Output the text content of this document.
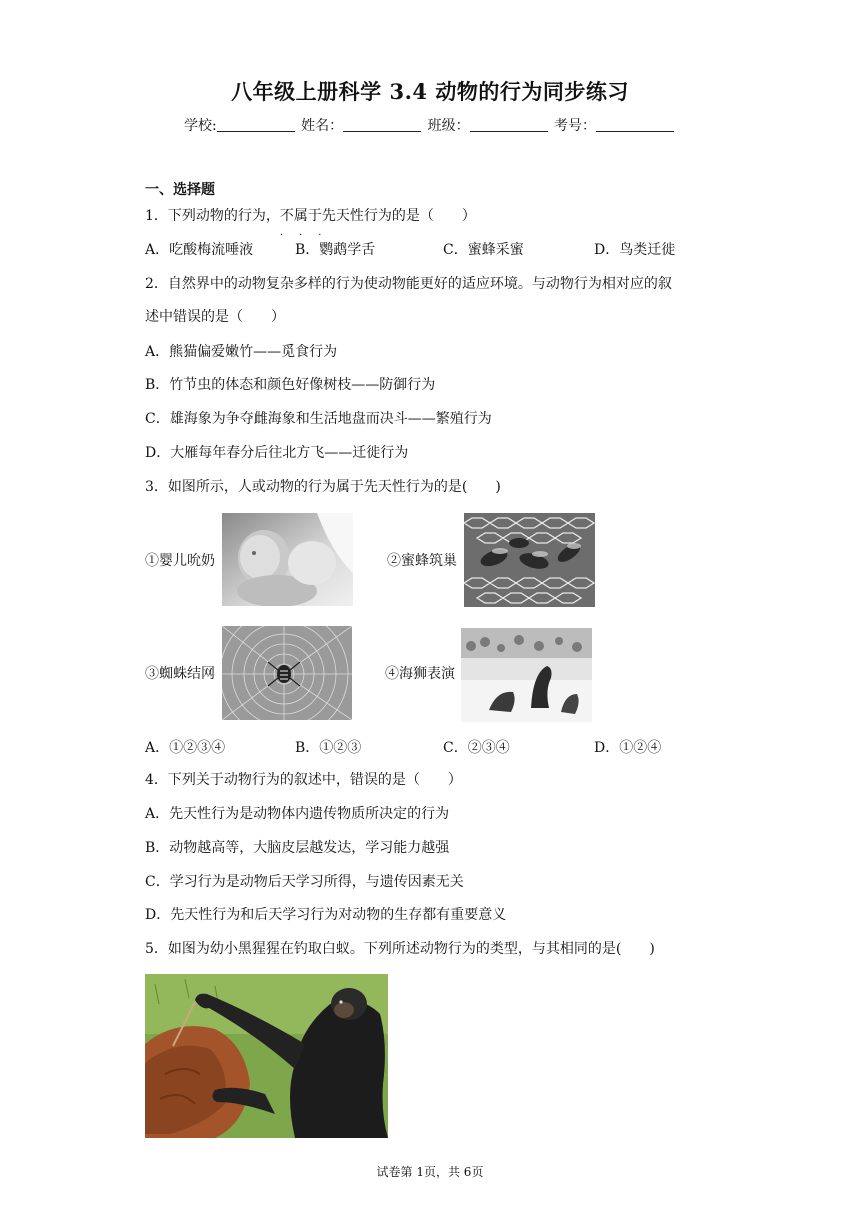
八年级上册科学 3.4 动物的行为同步练习
学校:	姓名：	班级：	考号：
一、选择题
1．下列动物的行为，不属于
· · ·
先天性行为的是（　　）
A．吃酸梅流唾液	B．鹦鹉学舌	C．蜜蜂采蜜	D．鸟类迁徙
2．自然界中的动物复杂多样的行为使动物能更好的适应环境。与动物行为相对应的叙
述中错误的是（　　）
A．熊猫偏爱嫩竹——觅食行为
B．竹节虫的体态和颜色好像树枝——防御行为
C．雄海象为争夺雌海象和生活地盘而决斗——繁殖行为
D．大雁每年春分后往北方飞——迁徙行为
3．如图所示，人或动物的行为属于先天性行为的是(　　)
①婴儿吮奶	②蜜蜂筑巢
③蜘蛛结网	④海狮表演
A．①②③④	B．①②③	C．②③④	D．①②④
4．下列关于动物行为的叙述中，错误的是（　　）
A．先天性行为是动物体内遗传物质所决定的行为
B．动物越高等，大脑皮层越发达，学习能力越强
C．学习行为是动物后天学习所得，与遗传因素无关
D．先天性行为和后天学习行为对动物的生存都有重要意义
5．如图为幼小黑猩猩在钓取白蚁。下列所述动物行为的类型，与其相同的是(　　)
试卷第 1页，共 6页
